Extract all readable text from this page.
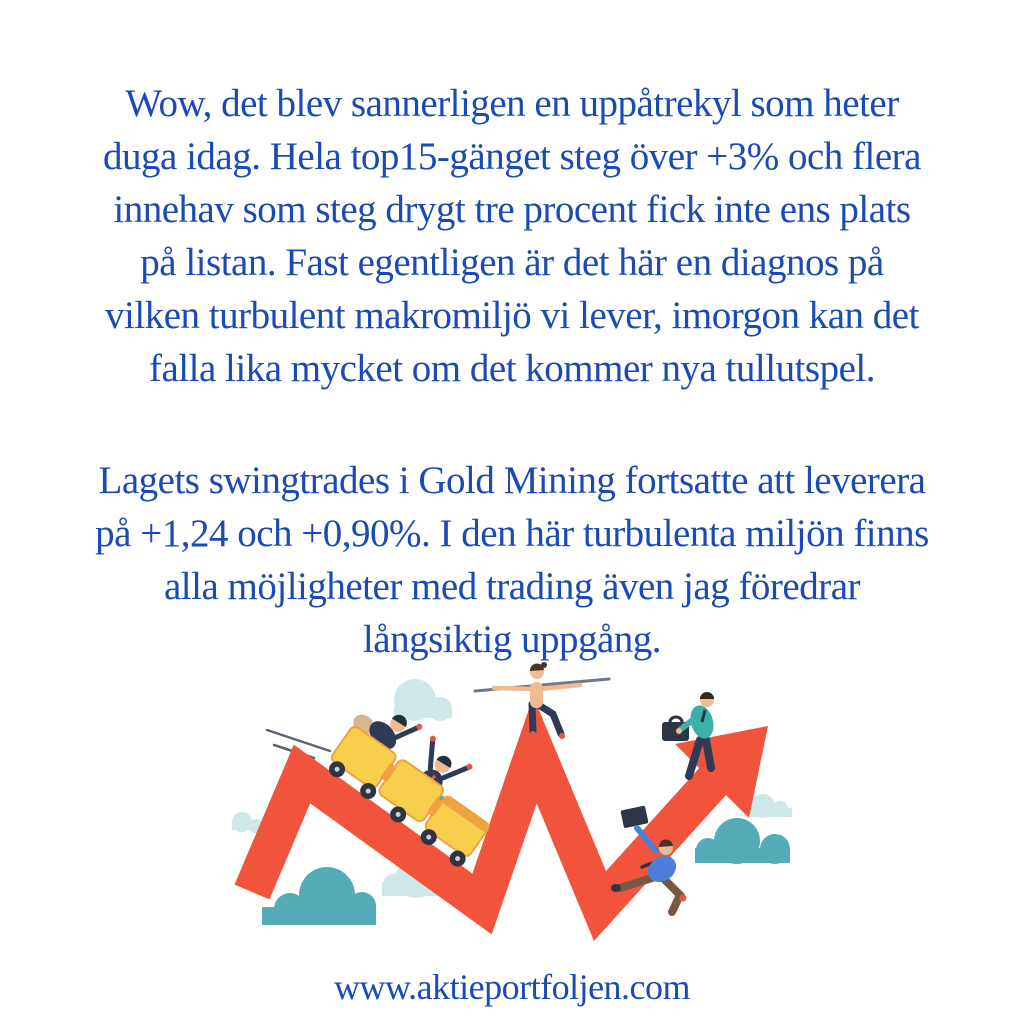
Wow, det blev sannerligen en uppåtrekyl som heter
duga idag. Hela top15-gänget steg över +3% och flera
innehav som steg drygt tre procent fick inte ens plats
på listan. Fast egentligen är det här en diagnos på
vilken turbulent makromiljö vi lever, imorgon kan det
falla lika mycket om det kommer nya tullutspel.

Lagets swingtrades i Gold Mining fortsatte att leverera
på +1,24 och +0,90%. I den här turbulenta miljön finns
alla möjligheter med trading även jag föredrar
långsiktig uppgång.

www.aktieportfoljen.com
